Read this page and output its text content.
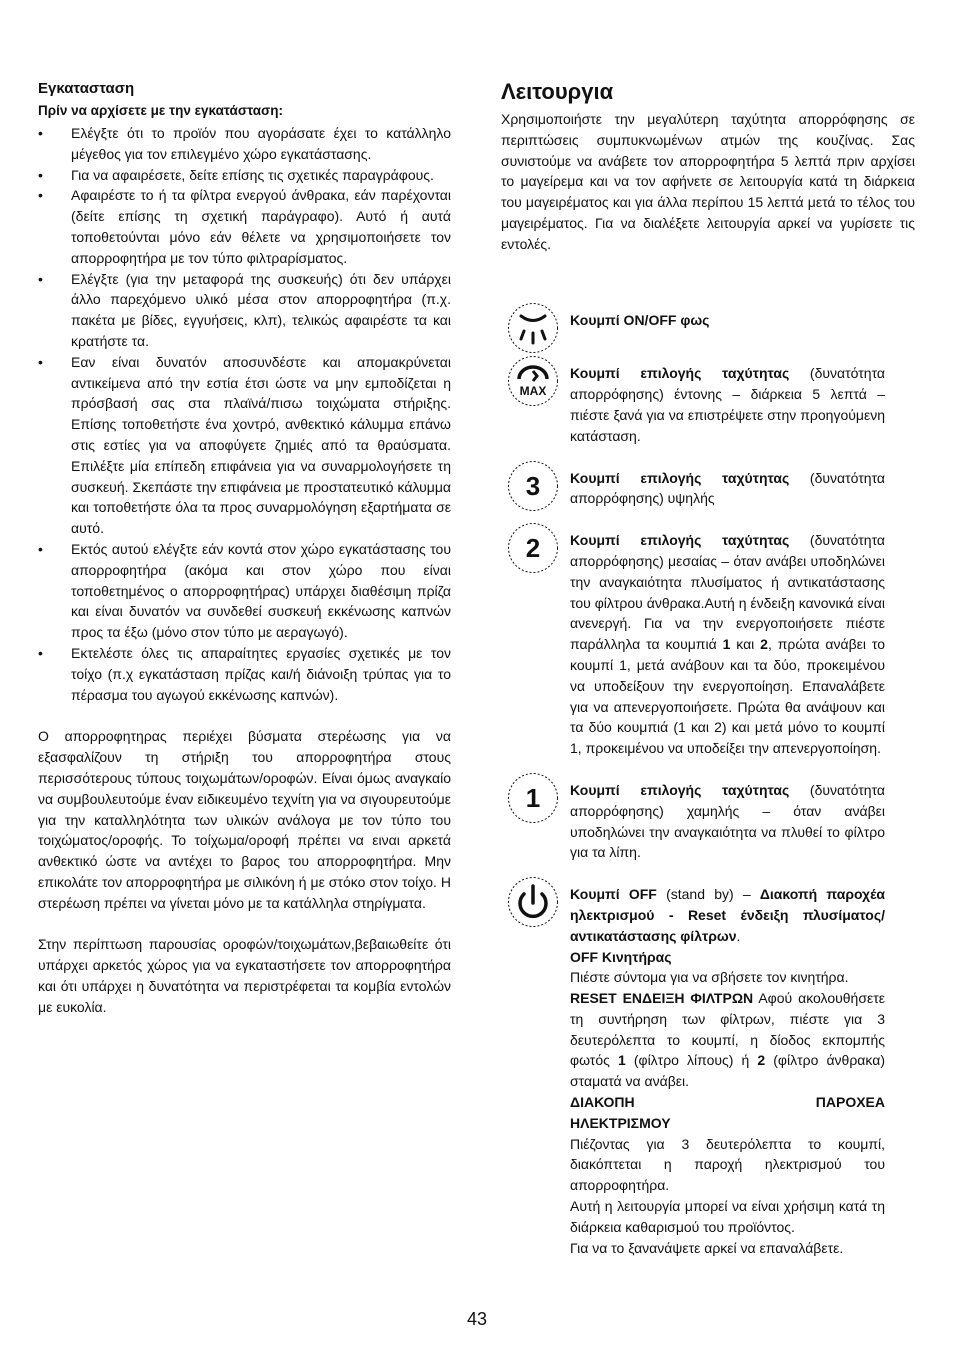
Εγκατασταση

Πρίν να αρχίσετε με την εγκατάσταση:

• Ελέγξτε ότι το προϊόν που αγοράσατε έχει το κατάλληλο μέγεθος για τον επιλεγμένο χώρο εγκατάστασης.
• Για να αφαιρέσετε, δείτε επίσης τις σχετικές παραγράφους.
• Αφαιρέστε το ή τα φίλτρα ενεργού άνθρακα, εάν παρέχονται (δείτε επίσης τη σχετική παράγραφο). Αυτό ή αυτά τοποθετούνται μόνο εάν θέλετε να χρησιμοποιήσετε τον απορροφητήρα με τον τύπο φιλτραρίσματος.
• Ελέγξτε (για την μεταφορά της συσκευής) ότι δεν υπάρχει άλλο παρεχόμενο υλικό μέσα στον απορροφητήρα (π.χ. πακέτα με βίδες, εγγυήσεις, κλπ), τελικώς αφαιρέστε τα και κρατήστε τα.
• Εαν είναι δυνατόν αποσυνδέστε και απομακρύνεται αντικείμενα από την εστία έτσι ώστε να μην εμποδίζεται η πρόσβασή σας στα πλαϊνά/πισω τοιχώματα στήριξης. Επίσης τοποθετήστε ένα χοντρό, ανθεκτικό κάλυμμα επάνω στις εστίες για να αποφύγετε ζημιές από τα θραύσματα. Επιλέξτε μία επίπεδη επιφάνεια για να συναρμολογήσετε τη συσκευή. Σκεπάστε την επιφάνεια με προστατευτικό κάλυμμα και τοποθετήστε όλα τα προς συναρμολόγηση εξαρτήματα σε αυτό.
• Εκτός αυτού ελέγξτε εάν κοντά στον χώρο εγκατάστασης του απορροφητήρα (ακόμα και στον χώρο που είναι τοποθετημένος ο απορροφητήρας) υπάρχει διαθέσιμη πρίζα και είναι δυνατόν να συνδεθεί συσκευή εκκένωσης καπνών προς τα έξω (μόνο στον τύπο με αεραγωγό).
• Εκτελέστε όλες τις απαραίτητες εργασίες σχετικές με τον τοίχο (π.χ εγκατάσταση πρίζας και/ή διάνοιξη τρύπας για το πέρασμα του αγωγού εκκένωσης καπνών).

Ο απορροφητηρας περιέχει βύσματα στερέωσης για να εξασφαλίζουν τη στήριξη του απορροφητήρα στους περισσότερους τύπους τοιχωμάτων/οροφών. Είναι όμως αναγκαίο να συμβουλευτούμε έναν ειδικευμένο τεχνίτη για να σιγουρευτούμε για την καταλληλότητα των υλικών ανάλογα με τον τύπο του τοιχώματος/οροφής. Το τοίχωμα/οροφή πρέπει να ειναι αρκετά ανθεκτικό ώστε να αντέχει το βαρος του απορροφητήρα. Μην επικολάτε τον απορροφητήρα με σιλικόνη ή με στόκο στον τοίχο. Η στερέωση πρέπει να γίνεται μόνο με τα κατάλληλα στηρίγματα.

Στην περίπτωση παρουσίας οροφών/τοιχωμάτων,βεβαιωθείτε ότι υπάρχει αρκετός χώρος για να εγκαταστήσετε τον απορροφητήρα και ότι υπάρχει η δυνατότητα να περιστρέφεται τα κομβία εντολών με ευκολία.

Λειτουργια

Χρησιμοποιήστε την μεγαλύτερη ταχύτητα απορρόφησης σε περιπτώσεις συμπυκνωμένων ατμών της κουζίνας. Σας συνιστούμε να ανάβετε τον απορροφητήρα 5 λεπτά πριν αρχίσει το μαγείρεμα και να τον αφήνετε σε λειτουργία κατά τη διάρκεια του μαγειρέματος και για άλλα περίπου 15 λεπτά μετά το τέλος του μαγειρέματος. Για να διαλέξετε λειτουργία αρκεί να γυρίσετε τις εντολές.

Κουμπί ON/OFF φως
MAX
Κουμπί επιλογής ταχύτητας (δυνατότητα απορρόφησης) έντονης – διάρκεια 5 λεπτά – πιέστε ξανά για να επιστρέψετε στην προηγούμενη κατάσταση.
3 Κουμπί επιλογής ταχύτητας (δυνατότητα απορρόφησης) υψηλής
2 Κουμπί επιλογής ταχύτητας (δυνατότητα απορρόφησης) μεσαίας – όταν ανάβει υποδηλώνει την αναγκαιότητα πλυσίματος ή αντικατάστασης του φίλτρου άνθρακα.Αυτή η ένδειξη κανονικά είναι ανενεργή. Για να την ενεργοποιήσετε πιέστε παράλληλα τα κουμπιά 1 και 2, πρώτα ανάβει το κουμπί 1, μετά ανάβουν και τα δύο, προκειμένου να υποδείξουν την ενεργοποίηση. Επαναλάβετε για να απενεργοποιήσετε. Πρώτα θα ανάψουν και τα δύο κουμπιά (1 και 2) και μετά μόνο το κουμπί 1, προκειμένου να υποδείξει την απενεργοποίηση.
1 Κουμπί επιλογής ταχύτητας (δυνατότητα απορρόφησης) χαμηλής – όταν ανάβει υποδηλώνει την αναγκαιότητα να πλυθεί το φίλτρο για τα λίπη.
Κουμπί OFF (stand by) – Διακοπή παροχέα ηλεκτρισμού - Reset ένδειξη πλυσίματος/αντικατάστασης φίλτρων.
OFF Κινητήρας
Πιέστε σύντομα για να σβήσετε τον κινητήρα.
RESET ΕΝΔΕΙΞΗ ΦΙΛΤΡΩΝ Αφού ακολουθήσετε τη συντήρηση των φίλτρων, πιέστε για 3 δευτερόλεπτα το κουμπί, η δίοδος εκπομπής φωτός 1 (φίλτρο λίπους) ή 2 (φίλτρο άνθρακα) σταματά να ανάβει.
ΔΙΑΚΟΠΗ ΠΑΡΟΧΕΑ ΗΛΕΚΤΡΙΣΜΟΥ
Πιέζοντας για 3 δευτερόλεπτα το κουμπί, διακόπτεται η παροχή ηλεκτρισμού του απορροφητήρα.
Αυτή η λειτουργία μπορεί να είναι χρήσιμη κατά τη διάρκεια καθαρισμού του προϊόντος.
Για να το ξανανάψετε αρκεί να επαναλάβετε.
43
